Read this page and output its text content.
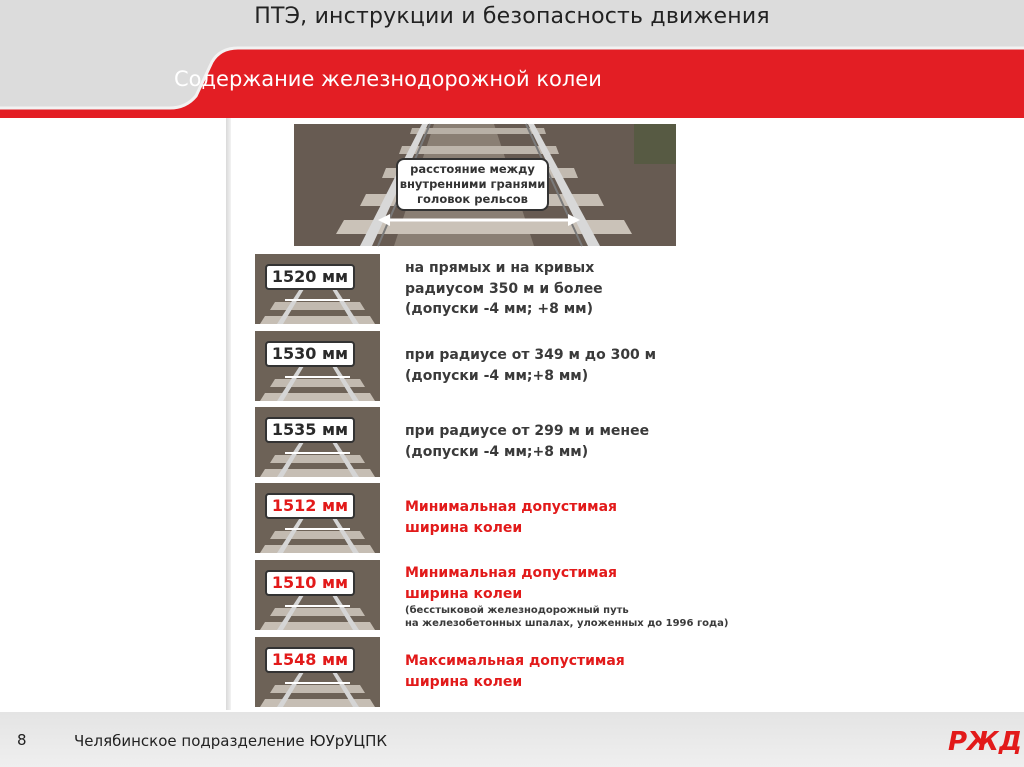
ПТЭ, инструкции и безопасность движения
Содержание железнодорожной колеи
расстояние между
внутренними гранями
головок рельсов
1520 мм	на прямых и на кривых
радиусом 350 м и более
(допуски -4 мм; +8 мм)
1530 мм	при радиусе от 349 м до 300 м
(допуски -4 мм;+8 мм)
1535 мм	при радиусе от 299 м и менее
(допуски -4 мм;+8 мм)
1512 мм	Минимальная допустимая
ширина колеи
1510 мм	Минимальная допустимая
ширина колеи
(бесстыковой железнодорожный путь
на железобетонных шпалах, уложенных до 1996 года)
1548 мм	Максимальная допустимая
ширина колеи
8	Челябинское подразделение ЮУрУЦПК	РЖД
